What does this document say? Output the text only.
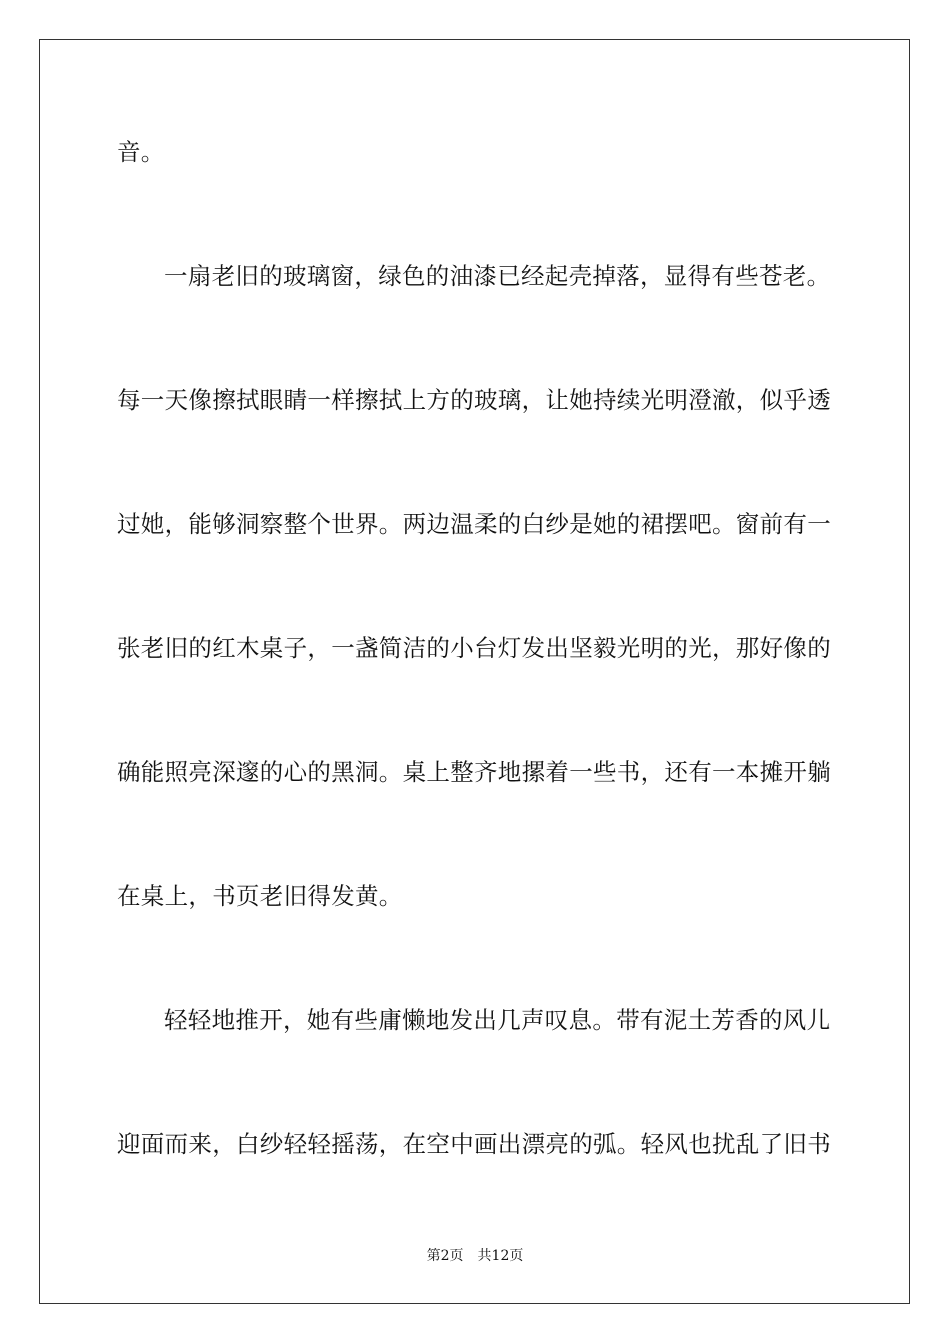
音。
一扇老旧的玻璃窗，绿色的油漆已经起壳掉落，显得有些苍老。
每一天像擦拭眼睛一样擦拭上方的玻璃，让她持续光明澄澈，似乎透
过她，能够洞察整个世界。两边温柔的白纱是她的裙摆吧。窗前有一
张老旧的红木桌子，一盏简洁的小台灯发出坚毅光明的光，那好像的
确能照亮深邃的心的黑洞。桌上整齐地摞着一些书，还有一本摊开躺
在桌上，书页老旧得发黄。
轻轻地推开，她有些庸懒地发出几声叹息。带有泥土芳香的风儿
迎面而来，白纱轻轻摇荡，在空中画出漂亮的弧。轻风也扰乱了旧书
第2页 共12页
